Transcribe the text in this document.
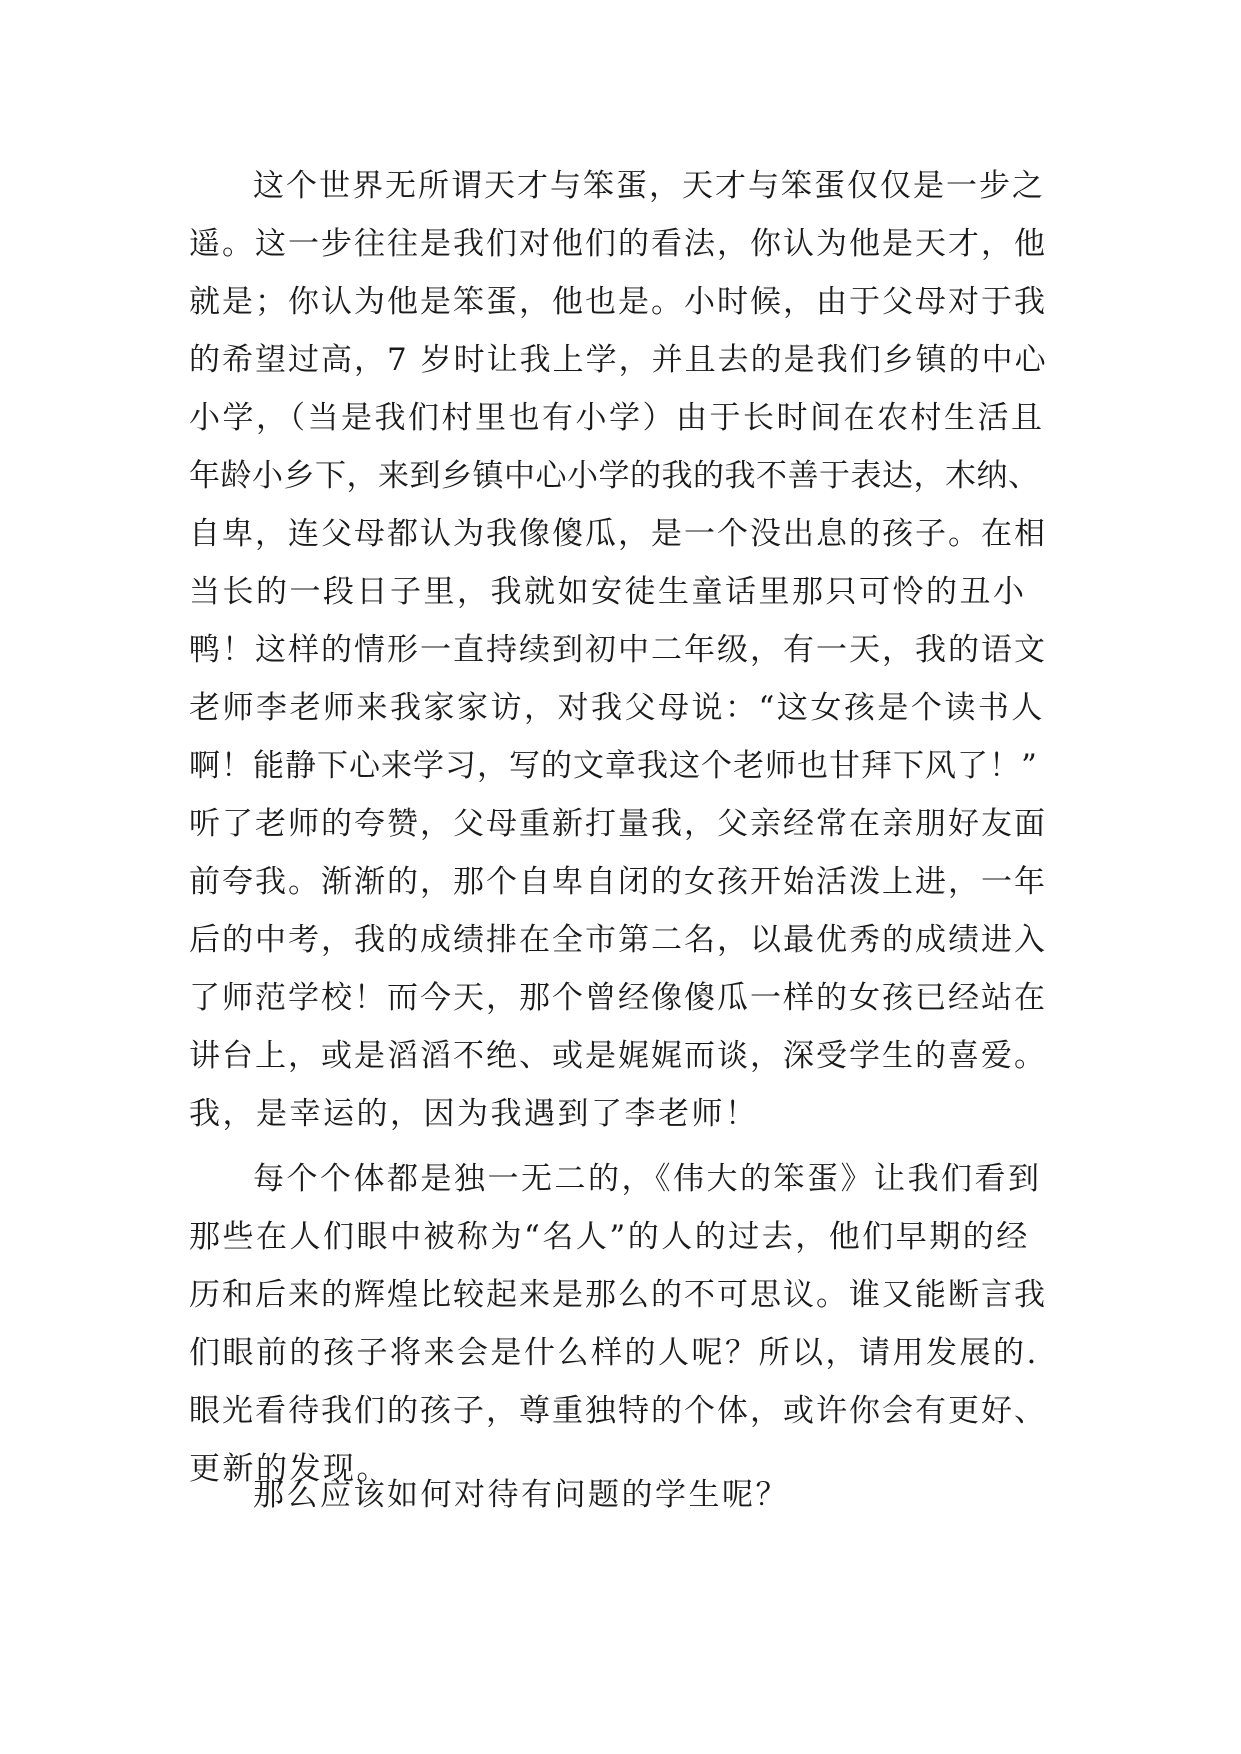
这个世界无所谓天才与笨蛋，天才与笨蛋仅仅是一步之
遥。这一步往往是我们对他们的看法，你认为他是天才，他
就是；你认为他是笨蛋，他也是。小时候，由于父母对于我
的希望过高，7 岁时让我上学，并且去的是我们乡镇的中心
小学，（当是我们村里也有小学）由于长时间在农村生活且
年龄小乡下，来到乡镇中心小学的我的我不善于表达，木纳、
自卑，连父母都认为我像傻瓜，是一个没出息的孩子。在相
当长的一段日子里，我就如安徒生童话里那只可怜的丑小
鸭！这样的情形一直持续到初中二年级，有一天，我的语文
老师李老师来我家家访，对我父母说：“这女孩是个读书人
啊！能静下心来学习，写的文章我这个老师也甘拜下风了！”
听了老师的夸赞，父母重新打量我，父亲经常在亲朋好友面
前夸我。渐渐的，那个自卑自闭的女孩开始活泼上进，一年
后的中考，我的成绩排在全市第二名，以最优秀的成绩进入
了师范学校！而今天，那个曾经像傻瓜一样的女孩已经站在
讲台上，或是滔滔不绝、或是娓娓而谈，深受学生的喜爱。
我，是幸运的，因为我遇到了李老师！
每个个体都是独一无二的，《伟大的笨蛋》让我们看到
那些在人们眼中被称为“名人”的人的过去，他们早期的经
历和后来的辉煌比较起来是那么的不可思议。谁又能断言我
们眼前的孩子将来会是什么样的人呢？所以，请用发展的.
眼光看待我们的孩子，尊重独特的个体，或许你会有更好、
更新的发现。
那么应该如何对待有问题的学生呢？
